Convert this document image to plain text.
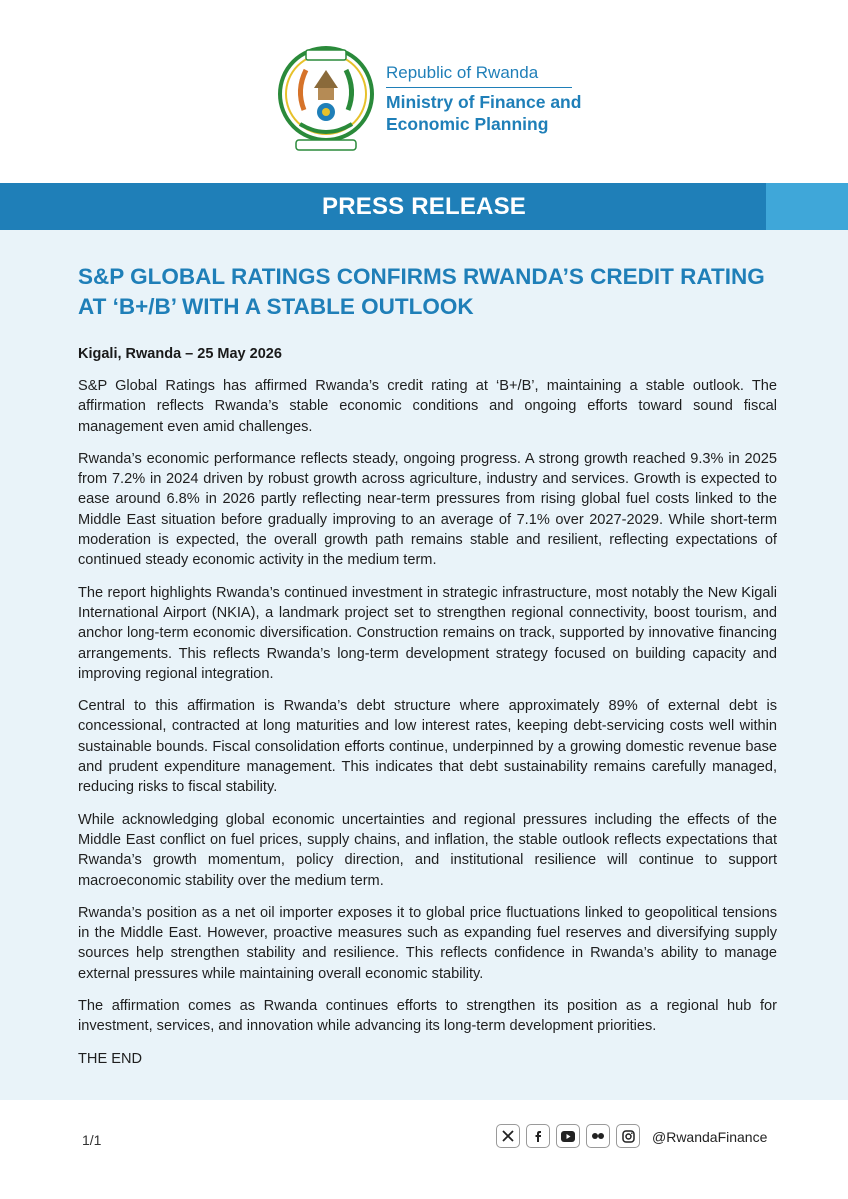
Republic of Rwanda
Ministry of Finance and
Economic Planning
PRESS RELEASE
S&P GLOBAL RATINGS CONFIRMS RWANDA’S CREDIT RATING AT ‘B+/B’ WITH A STABLE OUTLOOK
Kigali, Rwanda – 25 May 2026

S&P Global Ratings has affirmed Rwanda’s credit rating at ‘B+/B’, maintaining a stable outlook. The affirmation reflects Rwanda’s stable economic conditions and ongoing efforts toward sound fiscal management even amid challenges.

Rwanda’s economic performance reflects steady, ongoing progress. A strong growth reached 9.3% in 2025 from 7.2% in 2024 driven by robust growth across agriculture, industry and services. Growth is expected to ease around 6.8% in 2026 partly reflecting near-term pressures from rising global fuel costs linked to the Middle East situation before gradually improving to an average of 7.1% over 2027-2029. While short-term moderation is expected, the overall growth path remains stable and resilient, reflecting expectations of continued steady economic activity in the medium term.

The report highlights Rwanda’s continued investment in strategic infrastructure, most notably the New Kigali International Airport (NKIA), a landmark project set to strengthen regional connectivity, boost tourism, and anchor long-term economic diversification. Construction remains on track, supported by innovative financing arrangements. This reflects Rwanda’s long-term development strategy focused on building capacity and improving regional integration.

Central to this affirmation is Rwanda’s debt structure where approximately 89% of external debt is concessional, contracted at long maturities and low interest rates, keeping debt-servicing costs well within sustainable bounds. Fiscal consolidation efforts continue, underpinned by a growing domestic revenue base and prudent expenditure management. This indicates that debt sustainability remains carefully managed, reducing risks to fiscal stability.

While acknowledging global economic uncertainties and regional pressures including the effects of the Middle East conflict on fuel prices, supply chains, and inflation, the stable outlook reflects expectations that Rwanda’s growth momentum, policy direction, and institutional resilience will continue to support macroeconomic stability over the medium term.

Rwanda’s position as a net oil importer exposes it to global price fluctuations linked to geopolitical tensions in the Middle East. However, proactive measures such as expanding fuel reserves and diversifying supply sources help strengthen stability and resilience. This reflects confidence in Rwanda’s ability to manage external pressures while maintaining overall economic stability.

The affirmation comes as Rwanda continues efforts to strengthen its position as a regional hub for investment, services, and innovation while advancing its long-term development priorities.

THE END

1/1	@RwandaFinance
